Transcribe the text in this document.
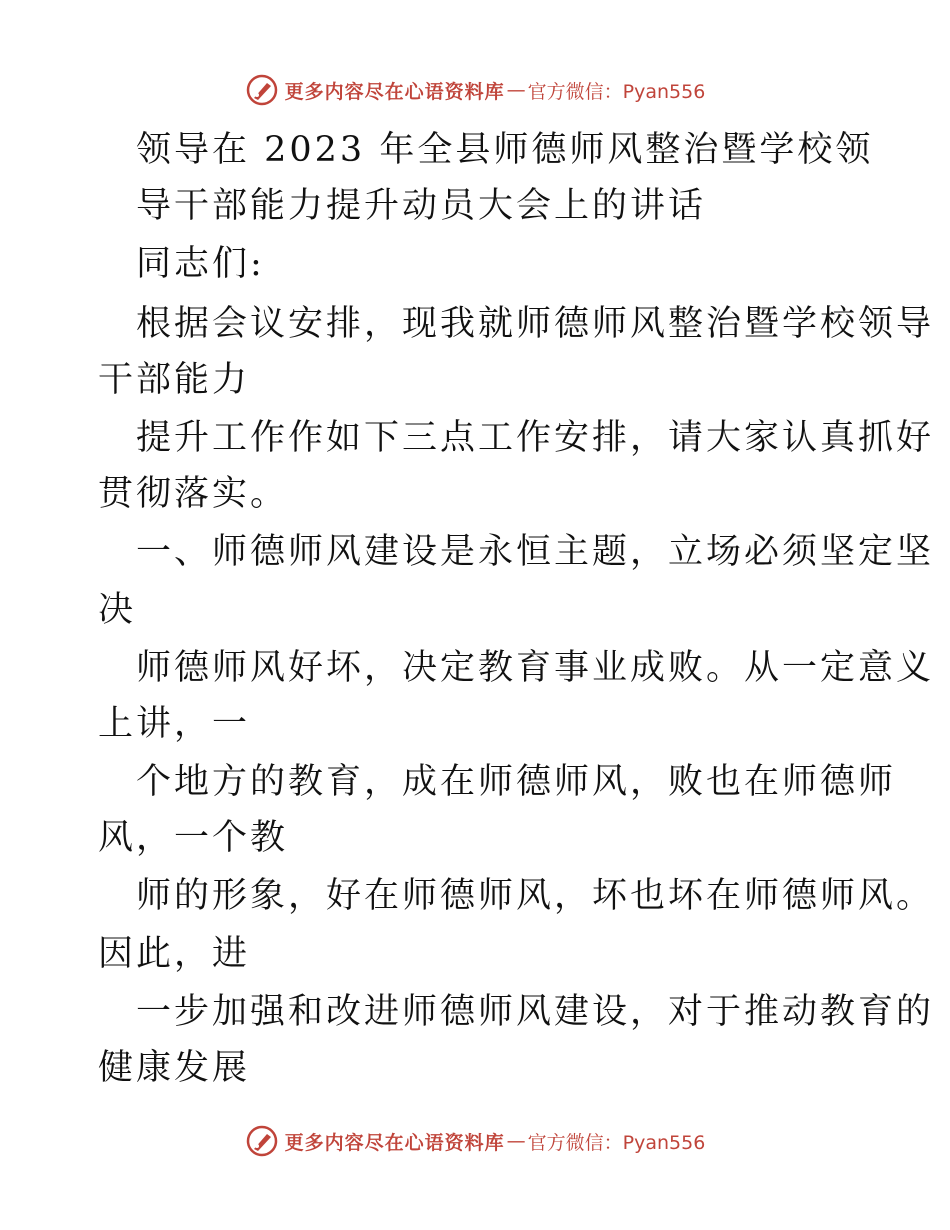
更多内容尽在心语资料库 — 官方微信：Pyan556
领导在 2023 年全县师德师风整治暨学校领
导干部能力提升动员大会上的讲话
同志们:
根据会议安排，现我就师德师风整治暨学校领导
干部能力
提升工作作如下三点工作安排，请大家认真抓好
贯彻落实。
一、师德师风建设是永恒主题，立场必须坚定坚
决
师德师风好坏，决定教育事业成败。从一定意义
上讲，一
个地方的教育，成在师德师风，败也在师德师
风，一个教
师的形象，好在师德师风，坏也坏在师德师风。
因此，进
一步加强和改进师德师风建设，对于推动教育的
健康发展
更多内容尽在心语资料库 — 官方微信：Pyan556
